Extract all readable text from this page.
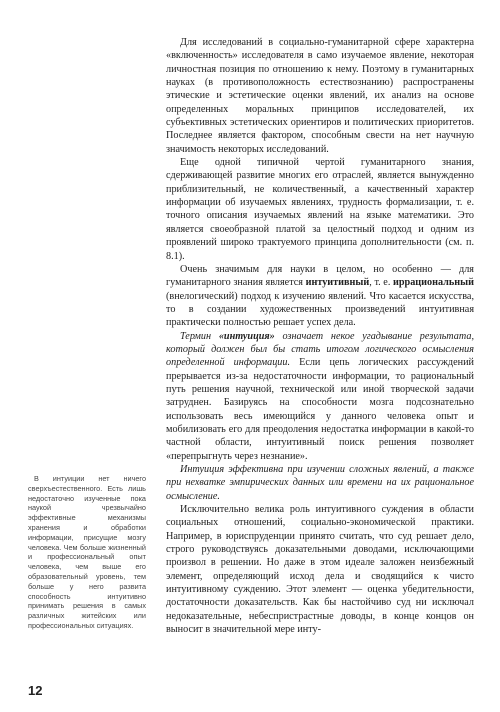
Для исследований в социально-гуманитарной сфере характерна «включенность» исследователя в само изучаемое явление, некоторая личностная позиция по отношению к нему. Поэтому в гуманитарных науках (в противоположность естествознанию) распространены этические и эстетические оценки явлений, их анализ на основе определенных моральных принципов исследователей, их субъективных эстетических ориентиров и политических приоритетов. Последнее является фактором, способным свести на нет научную значимость некоторых исследований.

Еще одной типичной чертой гуманитарного знания, сдерживающей развитие многих его отраслей, является вынужденно приблизительный, не количественный, а качественный характер информации об изучаемых явлениях, трудность формализации, т. е. точного описания изучаемых явлений на языке математики. Это является своеобразной платой за целостный подход и одним из проявлений широко трактуемого принципа дополнительности (см. п. 8.1).

Очень значимым для науки в целом, но особенно — для гуманитарного знания является интуитивный, т. е. иррациональный (внелогический) подход к изучению явлений. Что касается искусства, то в создании художественных произведений интуитивная практически полностью решает успех дела.

Термин «интуиция» означает некое угадывание результата, который должен был бы стать итогом логического осмысления определенной информации. Если цепь логических рассуждений прерывается из-за недостаточности информации, то рациональный путь решения научной, технической или иной творческой задачи затруднен. Базируясь на способности мозга подсознательно использовать весь имеющийся у данного человека опыт и мобилизовать его для преодоления недостатка информации в какой-то частной области, интуитивный поиск решения позволяет «перепрыгнуть через незнание».

Интуиция эффективна при изучении сложных явлений, а также при нехватке эмпирических данных или времени на их рациональное осмысление.

Исключительно велика роль интуитивного суждения в области социальных отношений, социально-экономической практики. Например, в юриспруденции принято считать, что суд решает дело, строго руководствуясь доказательными доводами, исключающими произвол в решении. Но даже в этом идеале заложен неизбежный элемент, определяющий исход дела и сводящийся к чисто интуитивному суждению. Этот элемент — оценка убедительности, достаточности доказательств. Как бы настойчиво суд ни исключал недоказательные, небеспристрастные доводы, в конце концов он выносит в значительной мере инту-

В интуиции нет ничего сверхъестественного. Есть лишь недостаточно изученные пока наукой чрезвычайно эффективные механизмы хранения и обработки информации, присущие мозгу человека. Чем больше жизненный и профессиональный опыт человека, чем выше его образовательный уровень, тем больше у него развита способность интуитивно принимать решения в самых различных житейских или профессиональных ситуациях.

12
